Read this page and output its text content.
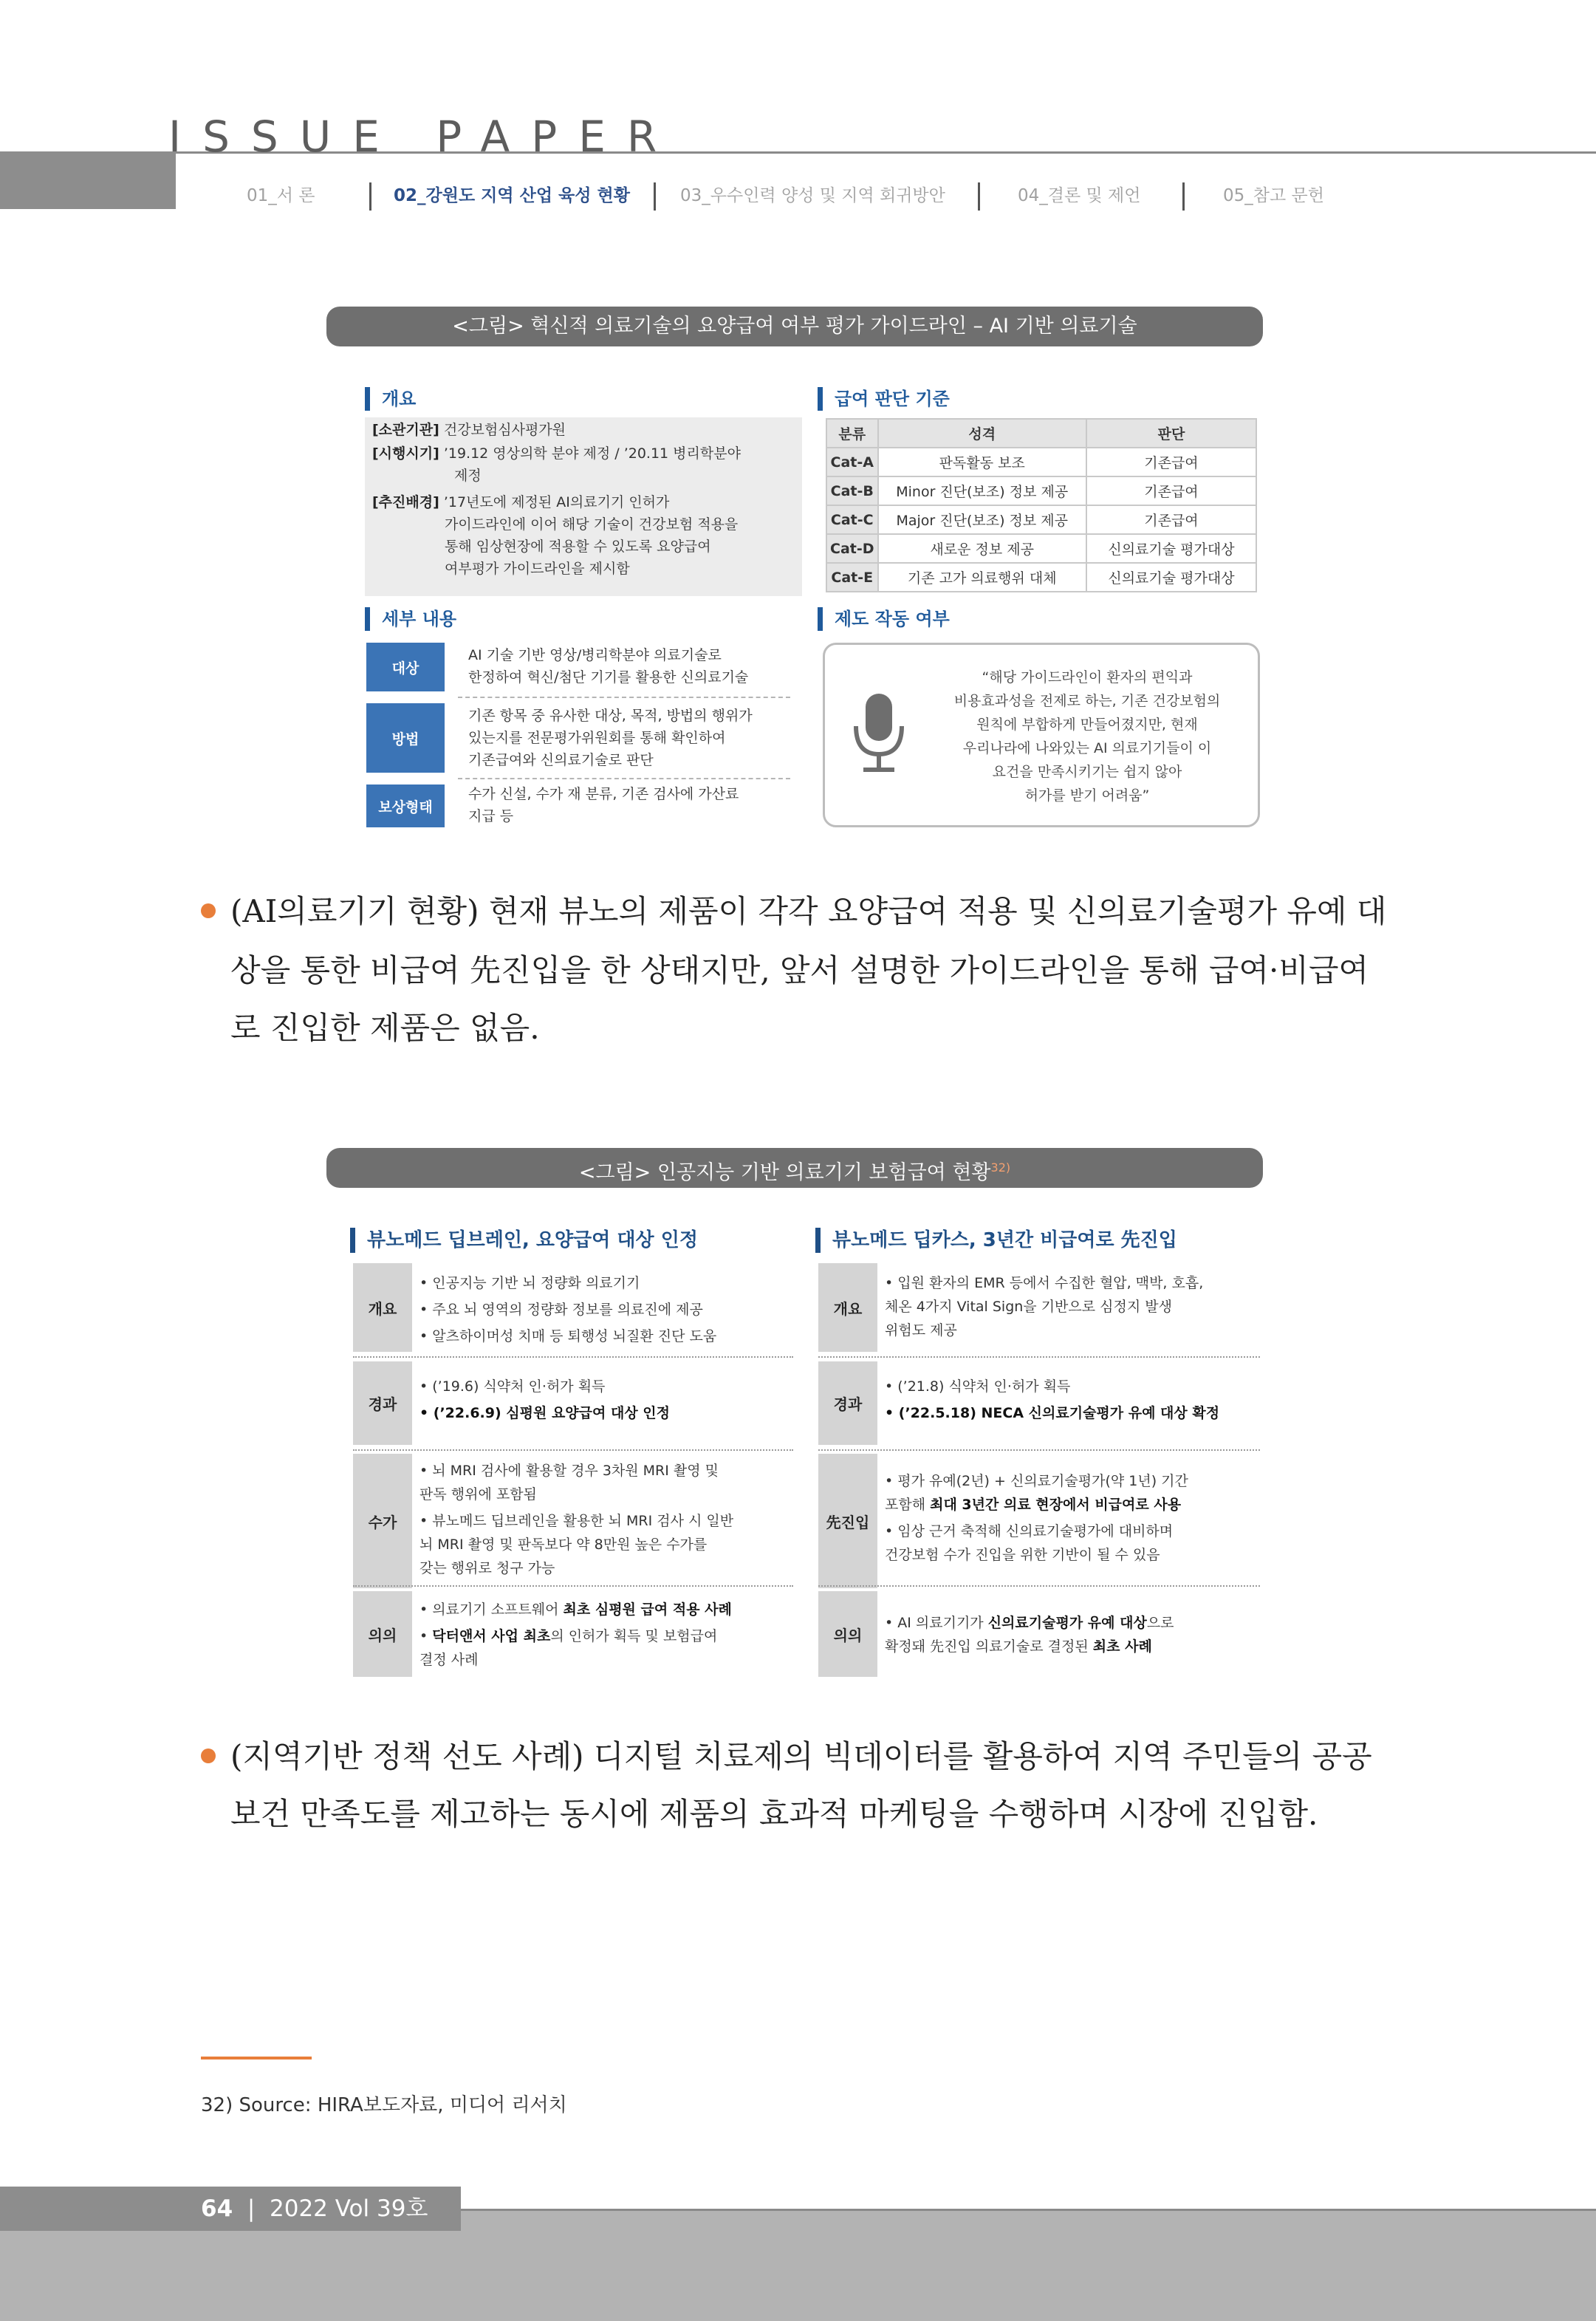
ISSUE PAPER
01_서 론	02_강원도 지역 산업 육성 현황	03_우수인력 양성 및 지역 회귀방안	04_결론 및 제언	05_참고 문헌
<그림> 혁신적 의료기술의 요양급여 여부 평가 가이드라인 – AI 기반 의료기술
개요
[소관기관] 건강보험심사평가원
[시행시기] ’19.12 영상의학 분야 제정 / ’20.11 병리학분야
제정
[추진배경] ’17년도에 제정된 AI의료기기 인허가
가이드라인에 이어 해당 기술이 건강보험 적용을
통해 임상현장에 적용할 수 있도록 요양급여
여부평가 가이드라인을 제시함
급여 판단 기준
분류	성격	판단
Cat-A	판독활동 보조	기존급여
Cat-B	Minor 진단(보조) 정보 제공	기존급여
Cat-C	Major 진단(보조) 정보 제공	기존급여
Cat-D	새로운 정보 제공	신의료기술 평가대상
Cat-E	기존 고가 의료행위 대체	신의료기술 평가대상
세부 내용
대상
AI 기술 기반 영상/병리학분야 의료기술로
한정하여 혁신/첨단 기기를 활용한 신의료기술
방법
기존 항목 중 유사한 대상, 목적, 방법의 행위가
있는지를 전문평가위원회를 통해 확인하여
기존급여와 신의료기술로 판단
보상형태
수가 신설, 수가 재 분류, 기존 검사에 가산료
지급 등
제도 작동 여부
“해당 가이드라인이 환자의 편익과
비용효과성을 전제로 하는, 기존 건강보험의
원칙에 부합하게 만들어졌지만, 현재
우리나라에 나와있는 AI 의료기기들이 이
요건을 만족시키기는 쉽지 않아
허가를 받기 어려움”
(AI의료기기 현황) 현재 뷰노의 제품이 각각 요양급여 적용 및 신의료기술평가 유예 대
상을 통한 비급여 先진입을 한 상태지만, 앞서 설명한 가이드라인을 통해 급여·비급여
로 진입한 제품은 없음.
<그림> 인공지능 기반 의료기기 보험급여 현황$^{32)}$
뷰노메드 딥브레인, 요양급여 대상 인정	뷰노메드 딥카스, 3년간 비급여로 先진입
개요
• 인공지능 기반 뇌 정량화 의료기기
• 주요 뇌 영역의 정량화 정보를 의료진에 제공
• 알츠하이머성 치매 등 퇴행성 뇌질환 진단 도움
경과
• (’19.6) 식약처 인·허가 획득
• (’22.6.9) 심평원 요양급여 대상 인정
수가
• 뇌 MRI 검사에 활용할 경우 3차원 MRI 촬영 및
판독 행위에 포함됨
• 뷰노메드 딥브레인을 활용한 뇌 MRI 검사 시 일반
뇌 MRI 촬영 및 판독보다 약 8만원 높은 수가를
갖는 행위로 청구 가능
의의
• 의료기기 소프트웨어 최초 심평원 급여 적용 사례
• 닥터앤서 사업 최초의 인허가 획득 및 보험급여
결정 사례
개요
• 입원 환자의 EMR 등에서 수집한 혈압, 맥박, 호흡,
체온 4가지 Vital Sign을 기반으로 심정지 발생
위험도 제공
경과
• (’21.8) 식약처 인·허가 획득
• (’22.5.18) NECA 신의료기술평가 유예 대상 확정
先진입
• 평가 유예(2년) + 신의료기술평가(약 1년) 기간
포함해 최대 3년간 의료 현장에서 비급여로 사용
• 임상 근거 축적해 신의료기술평가에 대비하며
건강보험 수가 진입을 위한 기반이 될 수 있음
의의
• AI 의료기기가 신의료기술평가 유예 대상으로
확정돼 先진입 의료기술로 결정된 최초 사례
(지역기반 정책 선도 사례) 디지털 치료제의 빅데이터를 활용하여 지역 주민들의 공공
보건 만족도를 제고하는 동시에 제품의 효과적 마케팅을 수행하며 시장에 진입함.
32) Source: HIRA보도자료, 미디어 리서치
64  |  2022 Vol 39호
